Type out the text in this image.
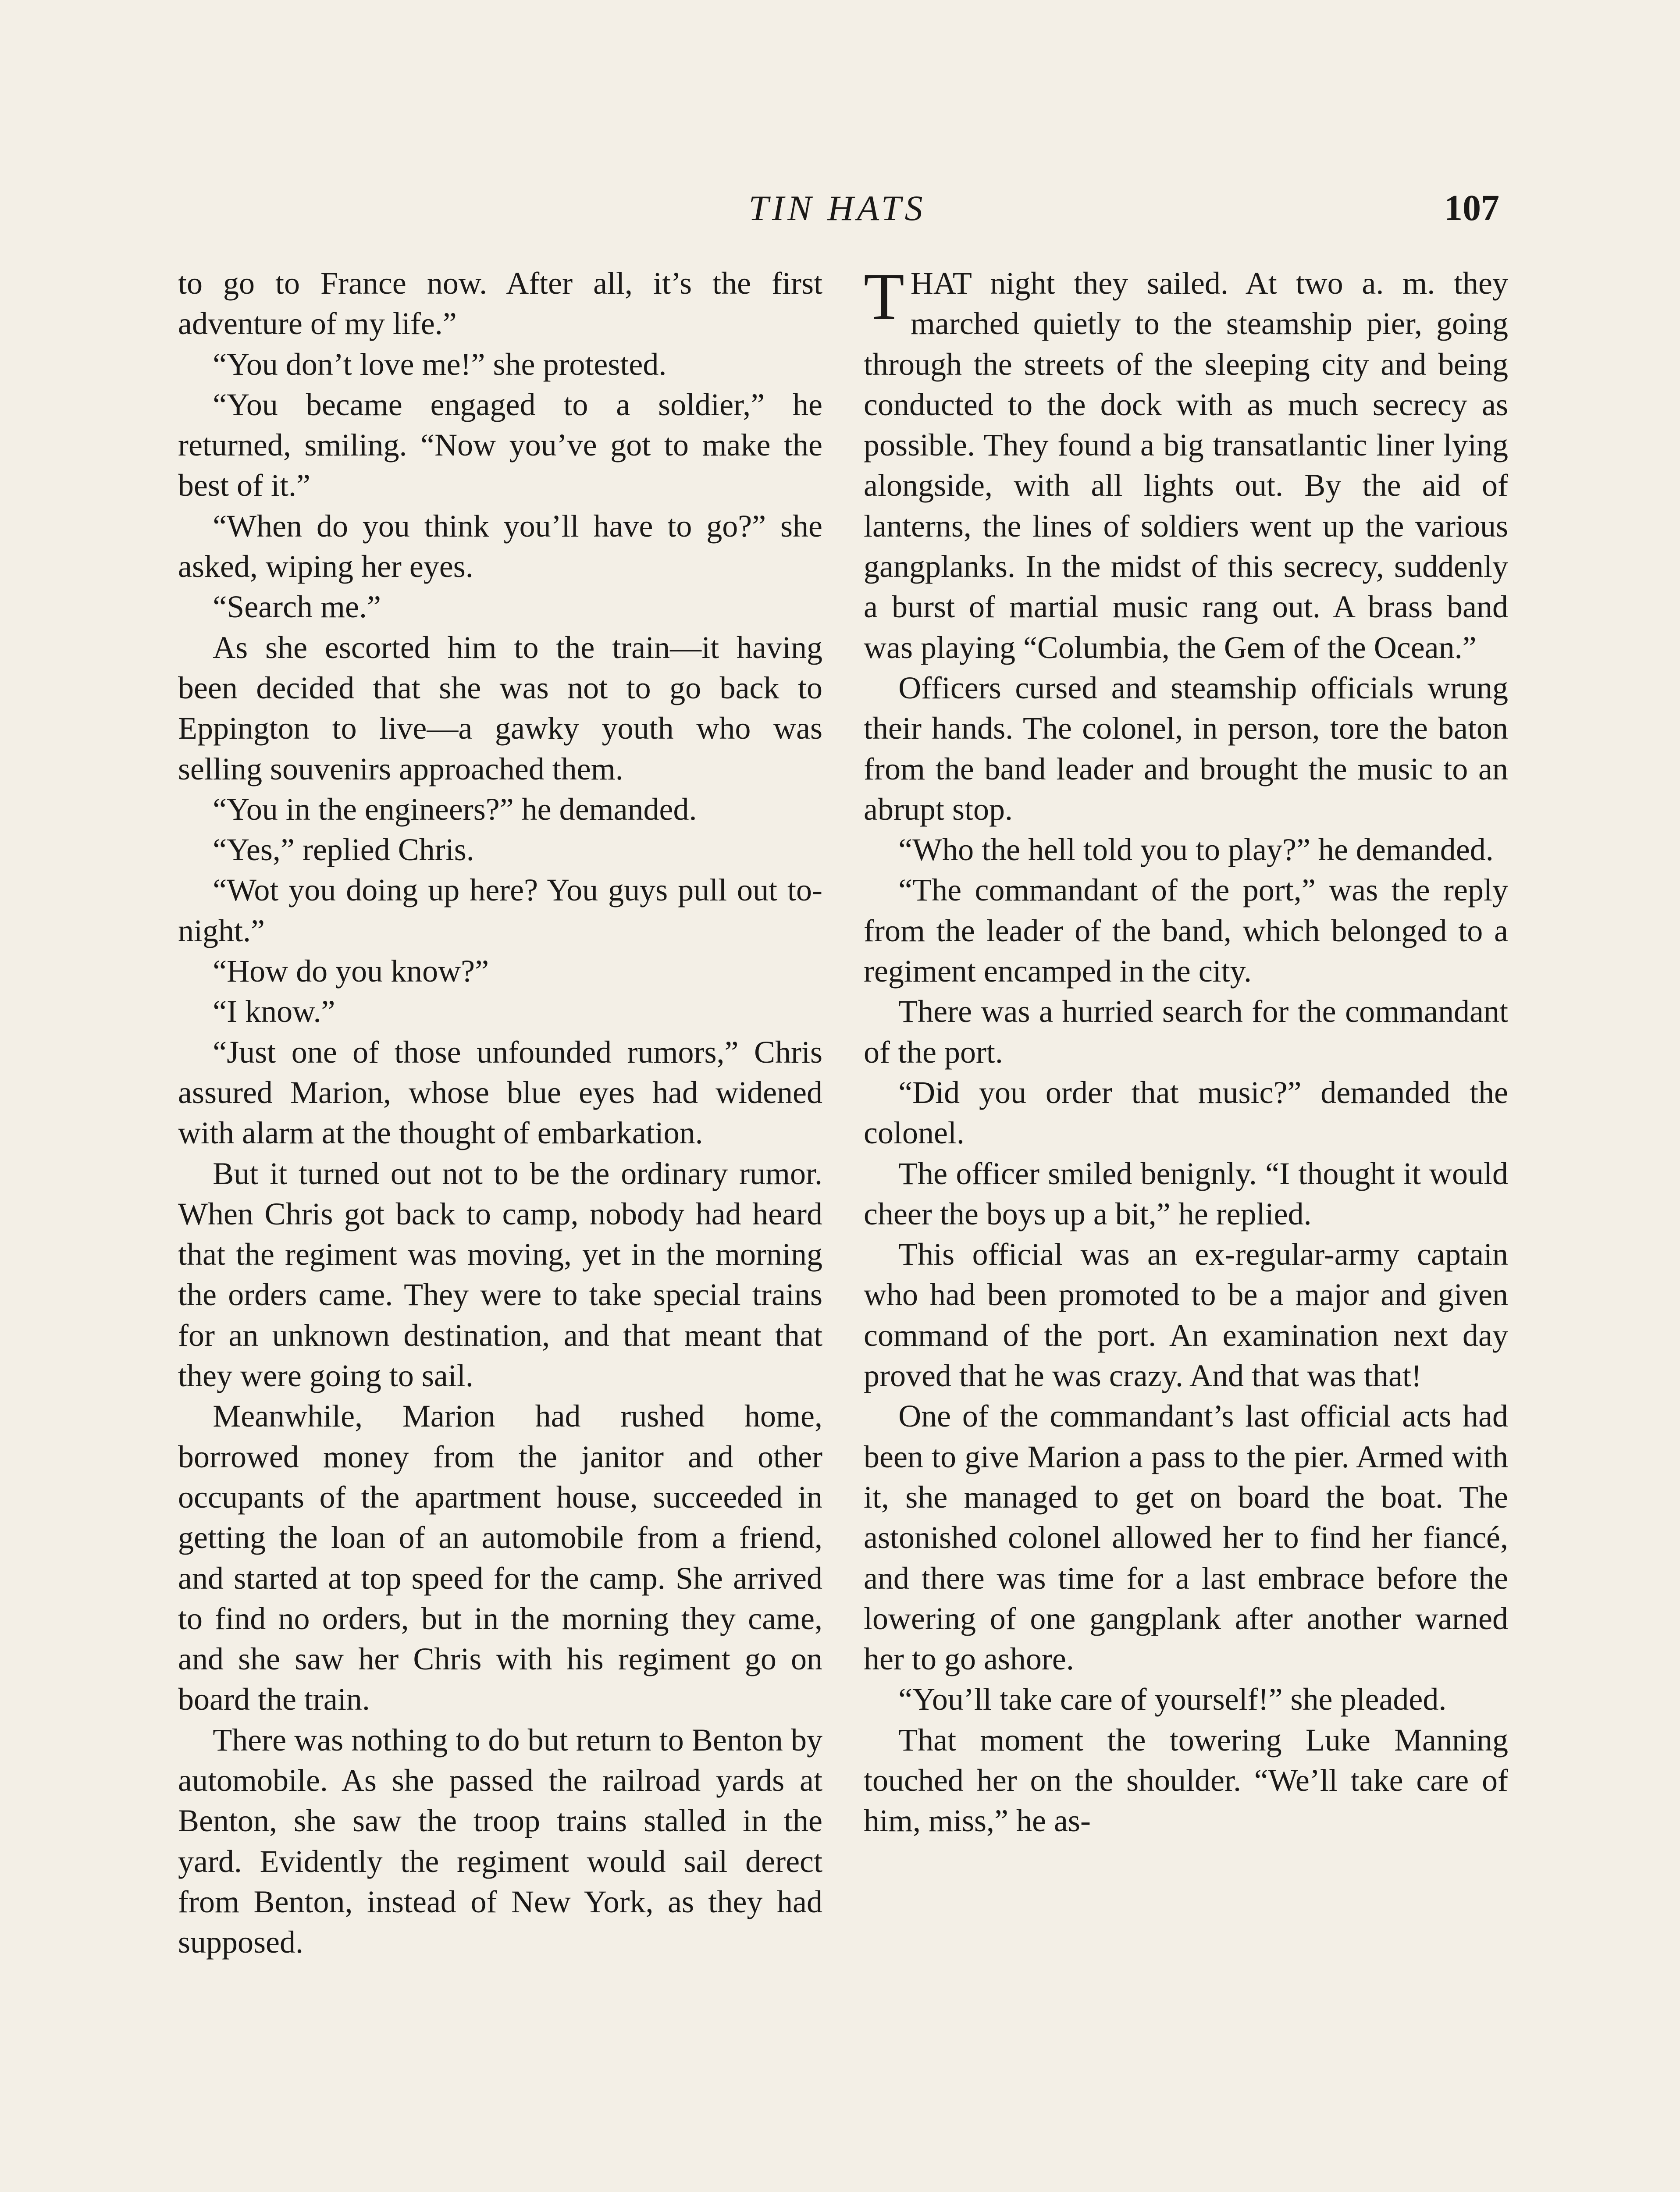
TIN HATS	107

to go to France now. After all, it’s the first adventure of my life.”

“You don’t love me!” she protested.

“You became engaged to a soldier,” he returned, smiling. “Now you’ve got to make the best of it.”

“When do you think you’ll have to go?” she asked, wiping her eyes.

“Search me.”

As she escorted him to the train—it having been decided that she was not to go back to Eppington to live—a gawky youth who was selling souvenirs approached them.

“You in the engineers?” he demanded.

“Yes,” replied Chris.

“Wot you doing up here? You guys pull out to-night.”

“How do you know?”

“I know.”

“Just one of those unfounded rumors,” Chris assured Marion, whose blue eyes had widened with alarm at the thought of embarkation.

But it turned out not to be the ordinary rumor. When Chris got back to camp, nobody had heard that the regiment was moving, yet in the morning the orders came. They were to take special trains for an unknown destination, and that meant that they were going to sail.

Meanwhile, Marion had rushed home, borrowed money from the janitor and other occupants of the apartment house, succeeded in getting the loan of an automobile from a friend, and started at top speed for the camp. She arrived to find no orders, but in the morning they came, and she saw her Chris with his regiment go on board the train.

There was nothing to do but return to Benton by automobile. As she passed the railroad yards at Benton, she saw the troop trains stalled in the yard. Evidently the regiment would sail derect from Benton, instead of New York, as they had supposed.

THAT night they sailed. At two a. m. they marched quietly to the steamship pier, going through the streets of the sleeping city and being conducted to the dock with as much secrecy as possible. They found a big transatlantic liner lying alongside, with all lights out. By the aid of lanterns, the lines of soldiers went up the various gangplanks. In the midst of this secrecy, suddenly a burst of martial music rang out. A brass band was playing “Columbia, the Gem of the Ocean.”

Officers cursed and steamship officials wrung their hands. The colonel, in person, tore the baton from the band leader and brought the music to an abrupt stop.

“Who the hell told you to play?” he demanded.

“The commandant of the port,” was the reply from the leader of the band, which belonged to a regiment encamped in the city.

There was a hurried search for the commandant of the port.

“Did you order that music?” demanded the colonel.

The officer smiled benignly. “I thought it would cheer the boys up a bit,” he replied.

This official was an ex-regular-army captain who had been promoted to be a major and given command of the port. An examination next day proved that he was crazy. And that was that!

One of the commandant’s last official acts had been to give Marion a pass to the pier. Armed with it, she managed to get on board the boat. The astonished colonel allowed her to find her fiancé, and there was time for a last embrace before the lowering of one gangplank after another warned her to go ashore.

“You’ll take care of yourself!” she pleaded.

That moment the towering Luke Manning touched her on the shoulder. “We’ll take care of him, miss,” he as-
